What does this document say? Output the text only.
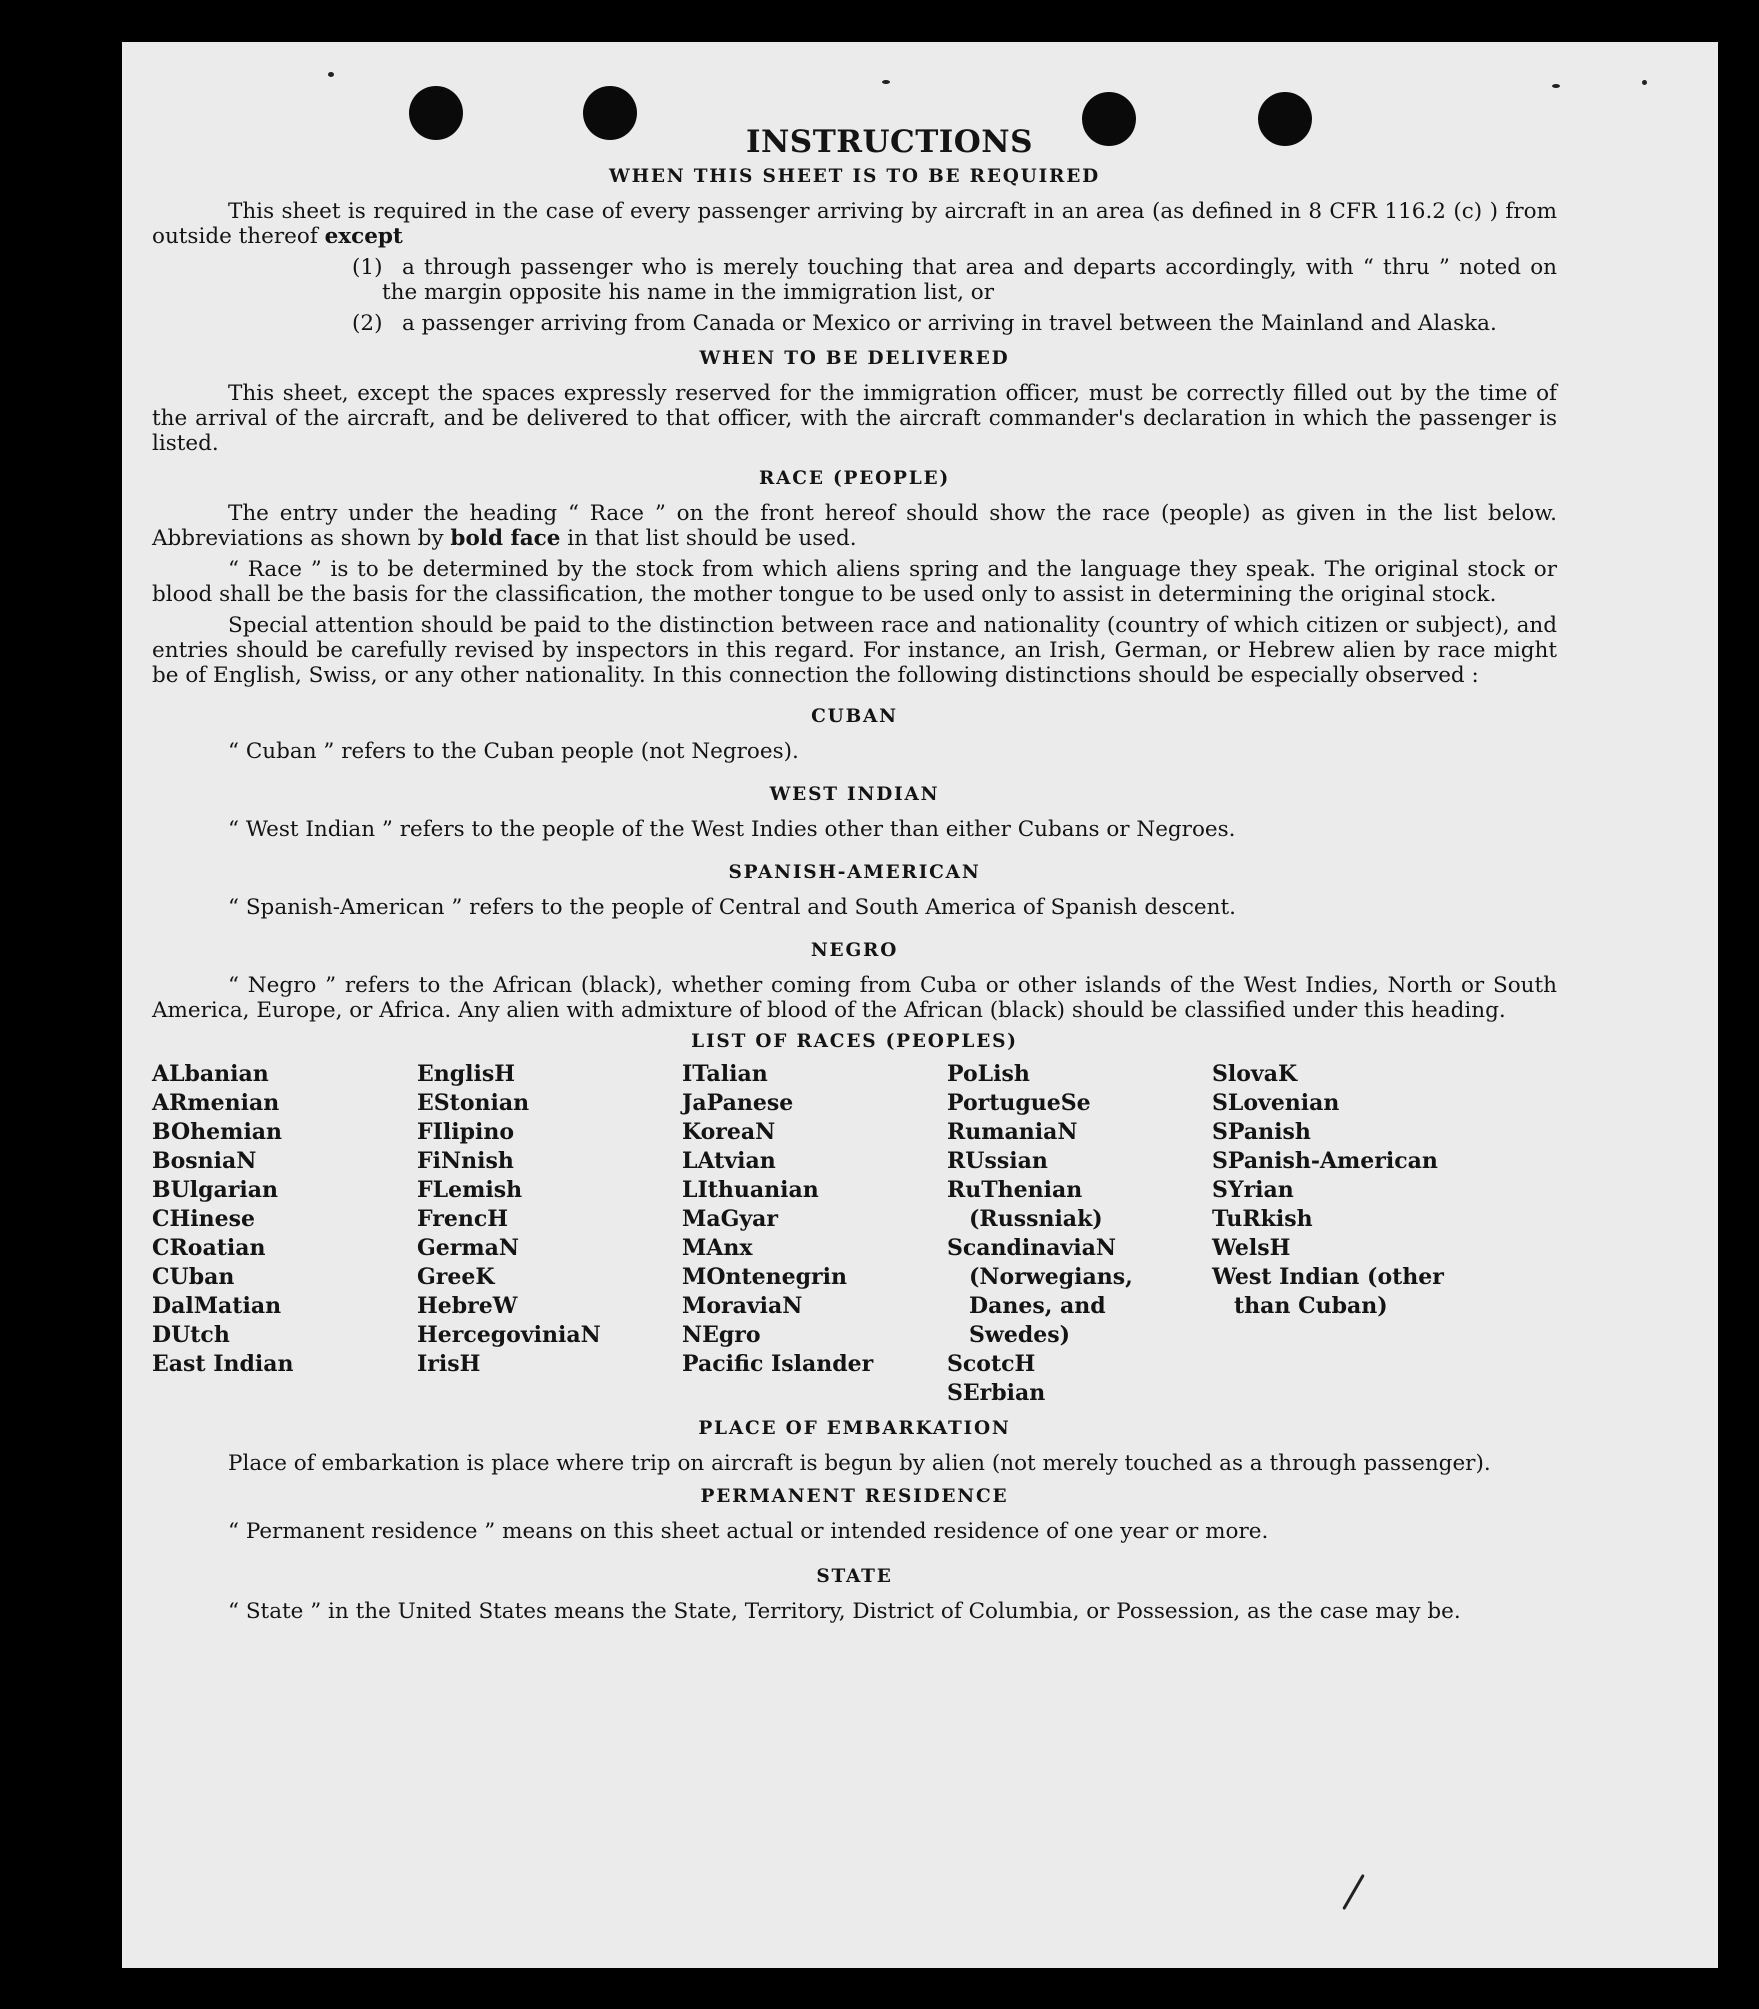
INSTRUCTIONS
WHEN THIS SHEET IS TO BE REQUIRED

This sheet is required in the case of every passenger arriving by aircraft in an area (as defined in 8 CFR 116.2 (c) ) from outside thereof except

(1) a through passenger who is merely touching that area and departs accordingly, with “ thru ” noted on the margin opposite his name in the immigration list, or
(2) a passenger arriving from Canada or Mexico or arriving in travel between the Mainland and Alaska.
WHEN TO BE DELIVERED

This sheet, except the spaces expressly reserved for the immigration officer, must be correctly filled out by the time of the arrival of the aircraft, and be delivered to that officer, with the aircraft commander's declaration in which the passenger is listed.

RACE (PEOPLE)

The entry under the heading “ Race ” on the front hereof should show the race (people) as given in the list below. Abbreviations as shown by bold face in that list should be used.

“ Race ” is to be determined by the stock from which aliens spring and the language they speak. The original stock or blood shall be the basis for the classification, the mother tongue to be used only to assist in determining the original stock.

Special attention should be paid to the distinction between race and nationality (country of which citizen or subject), and entries should be carefully revised by inspectors in this regard. For instance, an Irish, German, or Hebrew alien by race might be of English, Swiss, or any other nationality. In this connection the following distinctions should be especially observed :

CUBAN
“ Cuban ” refers to the Cuban people (not Negroes).
WEST INDIAN
“ West Indian ” refers to the people of the West Indies other than either Cubans or Negroes.
SPANISH-AMERICAN
“ Spanish-American ” refers to the people of Central and South America of Spanish descent.
NEGRO

“ Negro ” refers to the African (black), whether coming from Cuba or other islands of the West Indies, North or South America, Europe, or Africa. Any alien with admixture of blood of the African (black) should be classified under this heading.

LIST OF RACES (PEOPLES)
ALbanian
ARmenian
BOhemian
BosniaN
BUlgarian
CHinese
CRoatian
CUban
DalMatian
DUtch
East Indian
EnglisH
EStonian
FIlipino
FiNnish
FLemish
FrencH
GermaN
GreeK
HebreW
HercegoviniaN
IrisH
ITalian
JaPanese
KoreaN
LAtvian
LIthuanian
MaGyar
MAnx
MOntenegrin
MoraviaN
NEgro
Pacific Islander
PoLish
PortugueSe
RumaniaN
RUssian
RuThenian (Russniak)
ScandinaviaN (Norwegians, Danes, and Swedes)
ScotcH
SErbian
SlovaK
SLovenian
SPanish
SPanish-American
SYrian
TuRkish
WelsH
West Indian (other than Cuban)
PLACE OF EMBARKATION

Place of embarkation is place where trip on aircraft is begun by alien (not merely touched as a through passenger).

PERMANENT RESIDENCE
“ Permanent residence ” means on this sheet actual or intended residence of one year or more.
STATE

“ State ” in the United States means the State, Territory, District of Columbia, or Possession, as the case may be.
